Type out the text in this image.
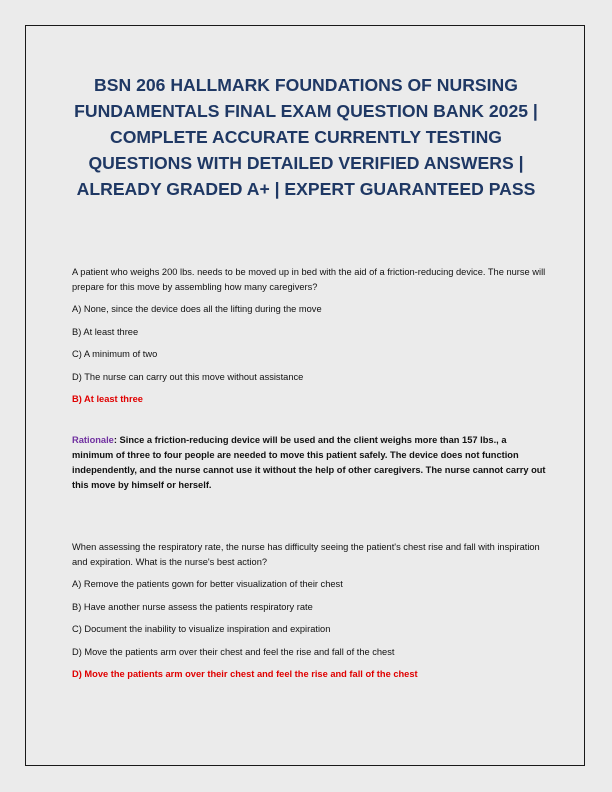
BSN 206 HALLMARK FOUNDATIONS OF NURSING FUNDAMENTALS FINAL EXAM QUESTION BANK 2025 | COMPLETE ACCURATE CURRENTLY TESTING QUESTIONS WITH DETAILED VERIFIED ANSWERS | ALREADY GRADED A+ | EXPERT GUARANTEED PASS

A patient who weighs 200 lbs. needs to be moved up in bed with the aid of a friction-reducing device. The nurse will prepare for this move by assembling how many caregivers?

A) None, since the device does all the lifting during the move

B) At least three

C) A minimum of two

D) The nurse can carry out this move without assistance

B) At least three

Rationale: Since a friction-reducing device will be used and the client weighs more than 157 lbs., a minimum of three to four people are needed to move this patient safely. The device does not function independently, and the nurse cannot use it without the help of other caregivers. The nurse cannot carry out this move by himself or herself.

When assessing the respiratory rate, the nurse has difficulty seeing the patient's chest rise and fall with inspiration and expiration. What is the nurse's best action?

A) Remove the patients gown for better visualization of their chest

B) Have another nurse assess the patients respiratory rate

C) Document the inability to visualize inspiration and expiration

D) Move the patients arm over their chest and feel the rise and fall of the chest

D) Move the patients arm over their chest and feel the rise and fall of the chest
